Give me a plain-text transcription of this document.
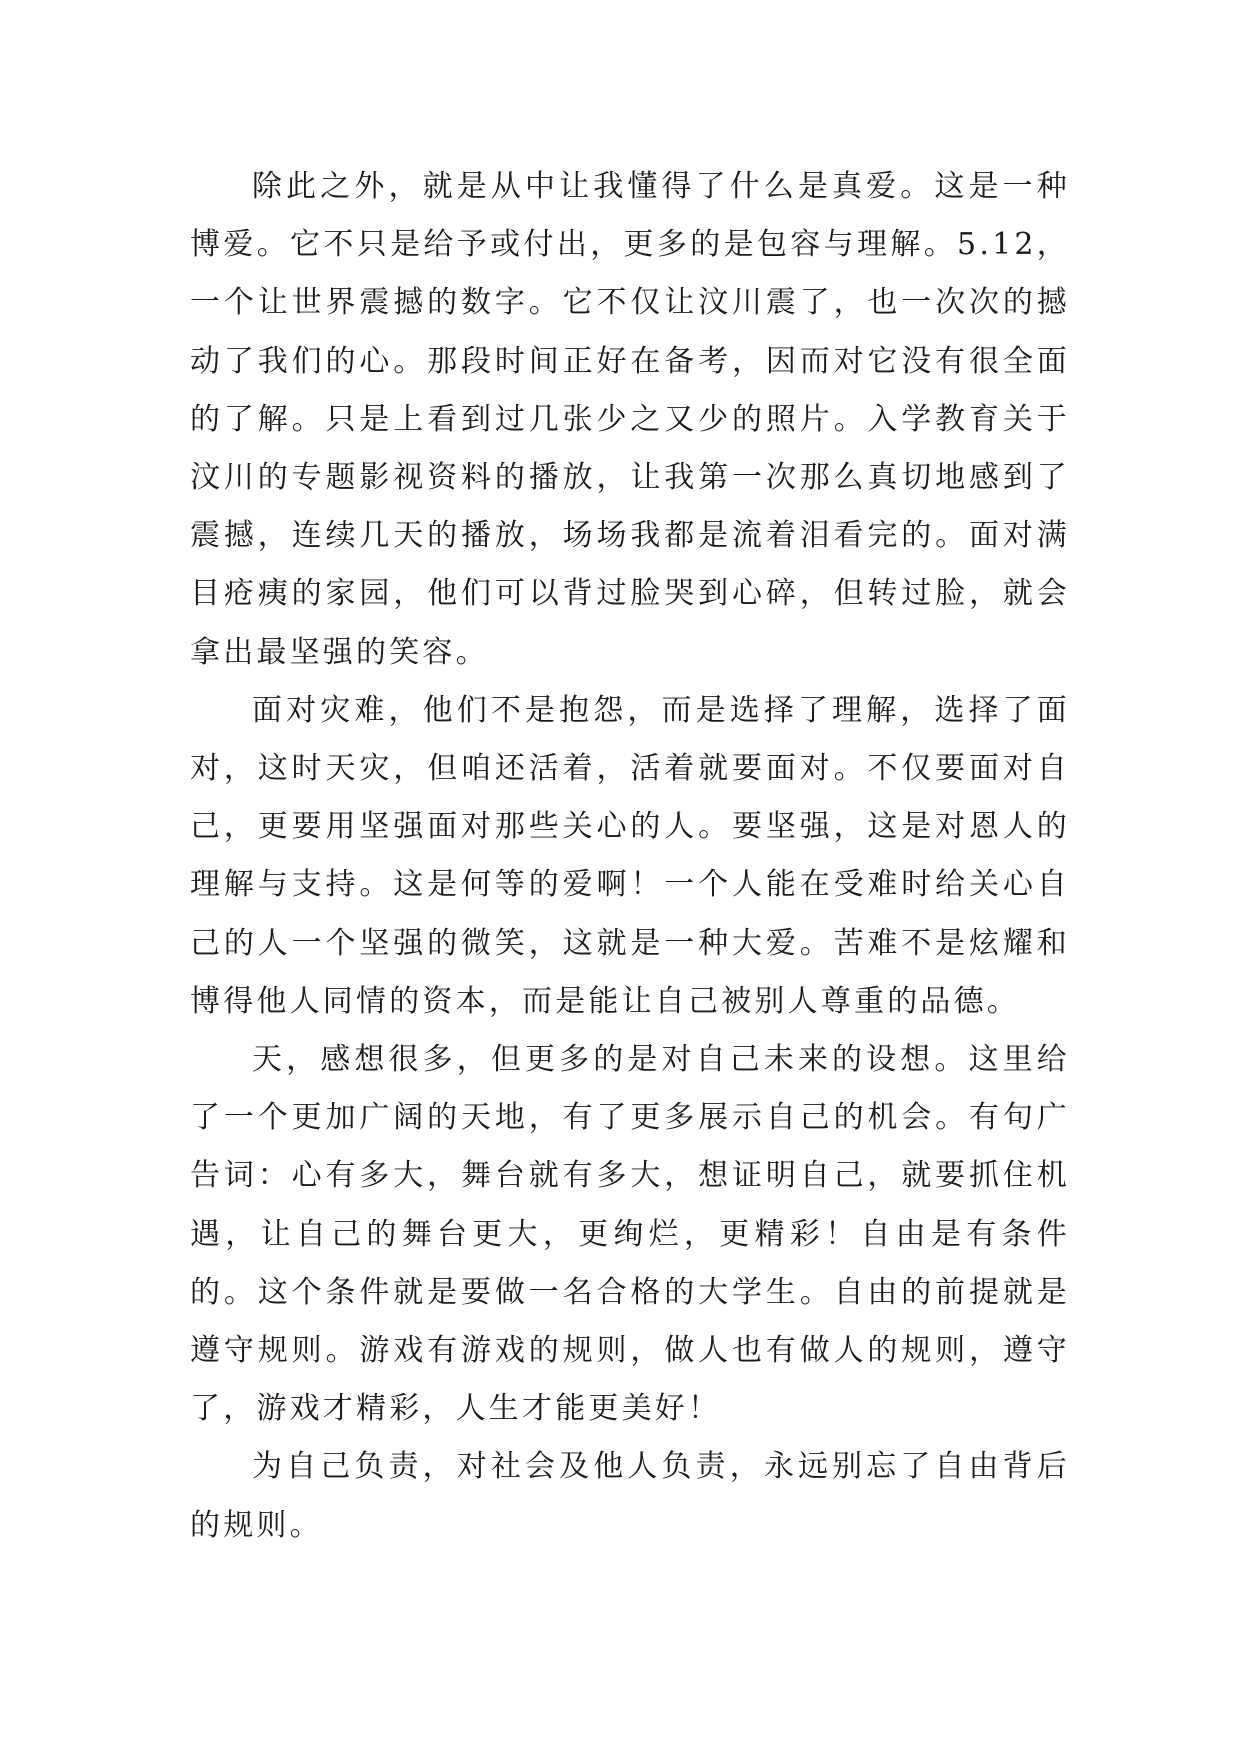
除此之外，就是从中让我懂得了什么是真爱。这是一种博爱。它不只是给予或付出，更多的是包容与理解。5.12，一个让世界震撼的数字。它不仅让汶川震了，也一次次的撼动了我们的心。那段时间正好在备考，因而对它没有很全面的了解。只是上看到过几张少之又少的照片。入学教育关于汶川的专题影视资料的播放，让我第一次那么真切地感到了震撼，连续几天的播放，场场我都是流着泪看完的。面对满目疮痍的家园，他们可以背过脸哭到心碎，但转过脸，就会拿出最坚强的笑容。

面对灾难，他们不是抱怨，而是选择了理解，选择了面对，这时天灾，但咱还活着，活着就要面对。不仅要面对自己，更要用坚强面对那些关心的人。要坚强，这是对恩人的理解与支持。这是何等的爱啊！一个人能在受难时给关心自己的人一个坚强的微笑，这就是一种大爱。苦难不是炫耀和博得他人同情的资本，而是能让自己被别人尊重的品德。

天，感想很多，但更多的是对自己未来的设想。这里给了一个更加广阔的天地，有了更多展示自己的机会。有句广告词：心有多大，舞台就有多大，想证明自己，就要抓住机遇，让自己的舞台更大，更绚烂，更精彩！自由是有条件的。这个条件就是要做一名合格的大学生。自由的前提就是遵守规则。游戏有游戏的规则，做人也有做人的规则，遵守了，游戏才精彩，人生才能更美好！

为自己负责，对社会及他人负责，永远别忘了自由背后的规则。
